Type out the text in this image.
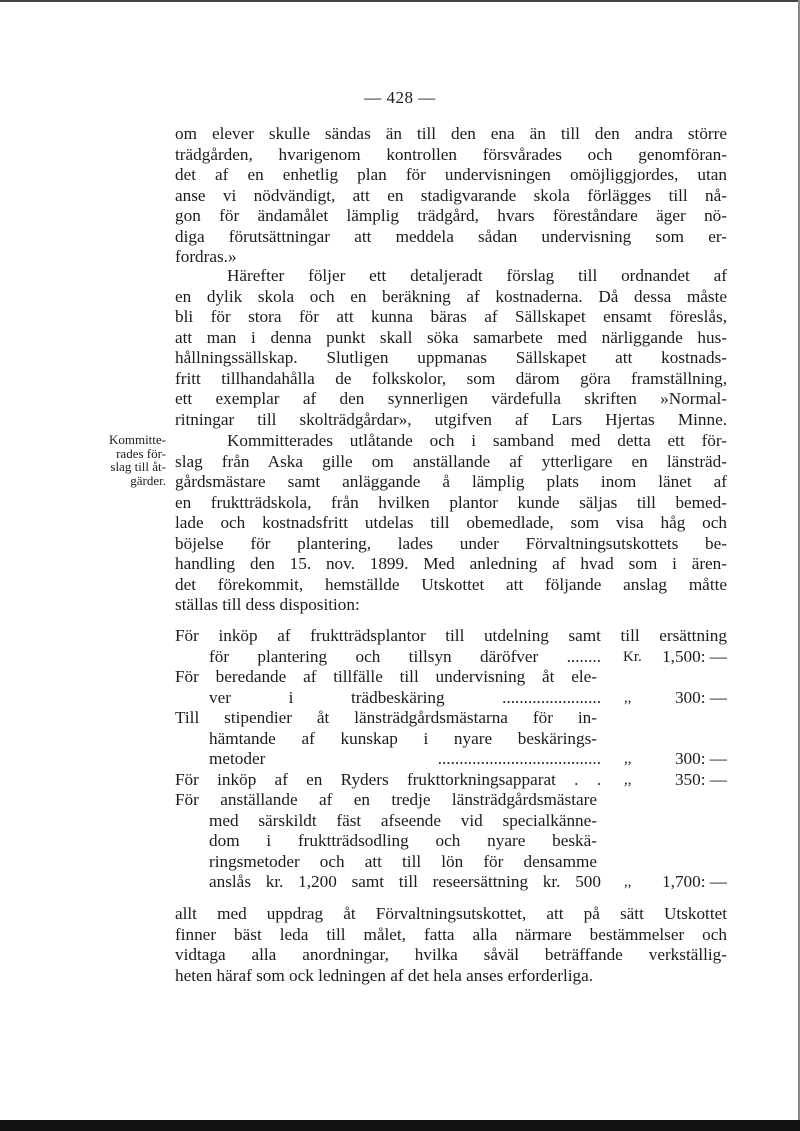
— 428 —
om elever skulle sändas än till den ena än till den andra större
trädgården, hvarigenom kontrollen försvårades och genomföran-
det af en enhetlig plan för undervisningen omöjliggjordes, utan
anse vi nödvändigt, att en stadigvarande skola förlägges till nå-
gon för ändamålet lämplig trädgård, hvars föreståndare äger nö-
diga förutsättningar att meddela sådan undervisning som er-
fordras.»
Härefter följer ett detaljeradt förslag till ordnandet af
en dylik skola och en beräkning af kostnaderna. Då dessa måste
bli för stora för att kunna bäras af Sällskapet ensamt föreslås,
att man i denna punkt skall söka samarbete med närliggande hus-
hållningssällskap. Slutligen uppmanas Sällskapet att kostnads-
fritt tillhandahålla de folkskolor, som därom göra framställning,
ett exemplar af den synnerligen värdefulla skriften »Normal-
ritningar till skolträdgårdar», utgifven af Lars Hjertas Minne.
Kommitte-
rades för-
slag till åt-
gärder.
Kommitterades utlåtande och i samband med detta ett för-
slag från Aska gille om anställande af ytterligare en länsträd-
gårdsmästare samt anläggande å lämplig plats inom länet af
en fruktträdskola, från hvilken plantor kunde säljas till bemed-
lade och kostnadsfritt utdelas till obemedlade, som visa håg och
böjelse för plantering, lades under Förvaltningsutskottets be-
handling den 15. nov. 1899. Med anledning af hvad som i ären-
det förekommit, hemställde Utskottet att följande anslag måtte
ställas till dess disposition:
För inköp af fruktträdsplantor till utdelning samt till ersättning
för plantering och tillsyn däröfver ........ Kr. 1,500: —
För beredande af tillfälle till undervisning åt ele-
ver i trädbeskäring ....................... ,,	300: —
Till stipendier åt länsträdgårdsmästarna för in-
hämtande af kunskap i nyare beskärings-
metoder ...................................... ,,	300: —
För inköp af en Ryders frukttorkningsapparat . . ,,	350: —
För anställande af en tredje länsträdgårdsmästare
med särskildt fäst afseende vid specialkänne-
dom i fruktträdsodling och nyare beskä-
ringsmetoder och att till lön för densamme
anslås kr. 1,200 samt till reseersättning kr. 500 ,, 1,700: —
allt med uppdrag åt Förvaltningsutskottet, att på sätt Utskottet
finner bäst leda till målet, fatta alla närmare bestämmelser och
vidtaga alla anordningar, hvilka såväl beträffande verkställig-
heten häraf som ock ledningen af det hela anses erforderliga.
